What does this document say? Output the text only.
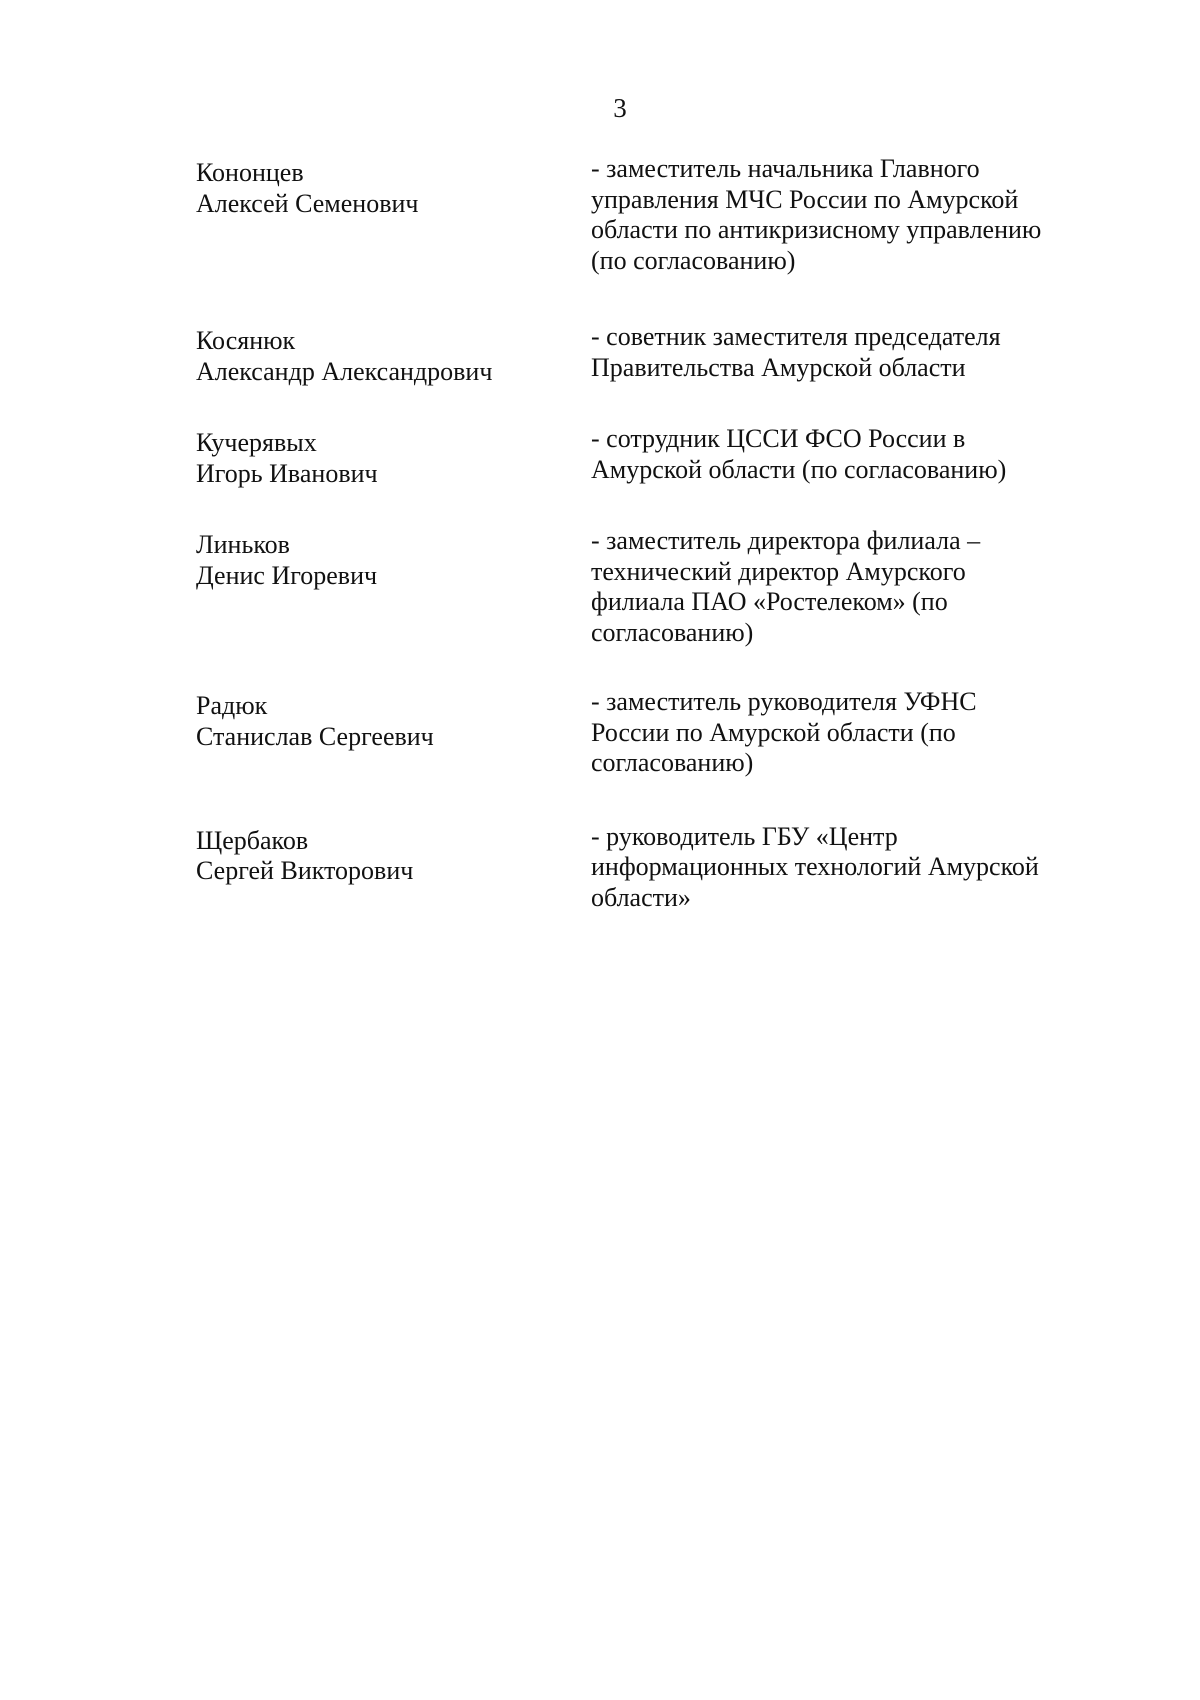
3
Кононцев
Алексей Семенович
- заместитель начальника Главного
управления МЧС России по Амурской
области по антикризисному управлению
(по согласованию)
Косянюк
Александр Александрович
- советник заместителя председателя
Правительства Амурской области
Кучерявых
Игорь Иванович
- сотрудник ЦССИ ФСО России в
Амурской области (по согласованию)
Линьков
Денис Игоревич
- заместитель директора филиала –
технический директор Амурского
филиала ПАО «Ростелеком» (по
согласованию)
Радюк
Станислав Сергеевич
- заместитель руководителя УФНС
России по Амурской области (по
согласованию)
Щербаков
Сергей Викторович
- руководитель ГБУ «Центр
информационных технологий Амурской
области»
